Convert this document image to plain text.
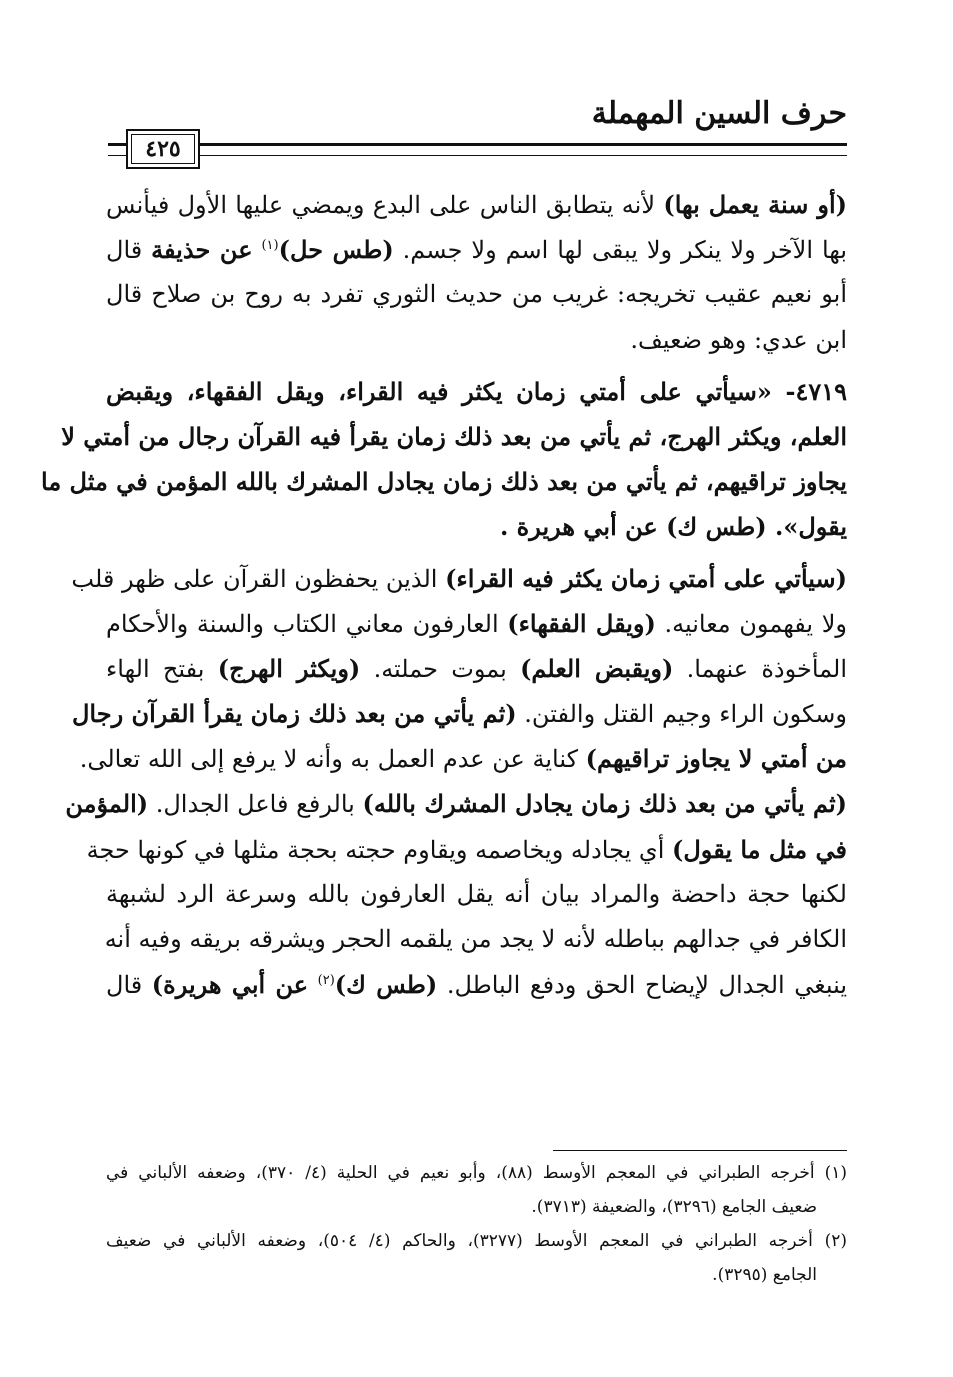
حرف السين المهملة
٤٢٥
(أو سنة يعمل بها) لأنه يتطابق الناس على البدع ويمضي عليها الأول فيأنس
بها الآخر ولا ينكر ولا يبقى لها اسم ولا جسم. (طس حل)$^{(١)}$ عن حذيفة قال
أبو نعيم عقيب تخريجه: غريب من حديث الثوري تفرد به روح بن صلاح قال
ابن عدي: وهو ضعيف.
٤٧١٩- «سيأتي على أمتي زمان يكثر فيه القراء، ويقل الفقهاء، ويقبض
العلم، ويكثر الهرج، ثم يأتي من بعد ذلك زمان يقرأ فيه القرآن رجال من أمتي لا
يجاوز تراقيهم، ثم يأتي من بعد ذلك زمان يجادل المشرك بالله المؤمن في مثل ما
يقول». (طس ك) عن أبي هريرة .
(سيأتي على أمتي زمان يكثر فيه القراء) الذين يحفظون القرآن على ظهر قلب
ولا يفهمون معانيه. (ويقل الفقهاء) العارفون معاني الكتاب والسنة والأحكام
المأخوذة عنهما. (ويقبض العلم) بموت حملته. (ويكثر الهرج) بفتح الهاء
وسكون الراء وجيم القتل والفتن. (ثم يأتي من بعد ذلك زمان يقرأ القرآن رجال
من أمتي لا يجاوز تراقيهم) كناية عن عدم العمل به وأنه لا يرفع إلى الله تعالى.
(ثم يأتي من بعد ذلك زمان يجادل المشرك بالله) بالرفع فاعل الجدال. (المؤمن
في مثل ما يقول) أي يجادله ويخاصمه ويقاوم حجته بحجة مثلها في كونها حجة
لكنها حجة داحضة والمراد بيان أنه يقل العارفون بالله وسرعة الرد لشبهة
الكافر في جدالهم بباطله لأنه لا يجد من يلقمه الحجر ويشرقه بريقه وفيه أنه
ينبغي الجدال لإيضاح الحق ودفع الباطل. (طس ك)$^{(٢)}$ عن أبي هريرة) قال
(١) أخرجه الطبراني في المعجم الأوسط (٨٨)، وأبو نعيم في الحلية (٤/ ٣٧٠)، وضعفه الألباني في
ضعيف الجامع (٣٢٩٦)، والضعيفة (٣٧١٣).
(٢) أخرجه الطبراني في المعجم الأوسط (٣٢٧٧)، والحاكم (٤/ ٥٠٤)، وضعفه الألباني في ضعيف
الجامع (٣٢٩٥).
